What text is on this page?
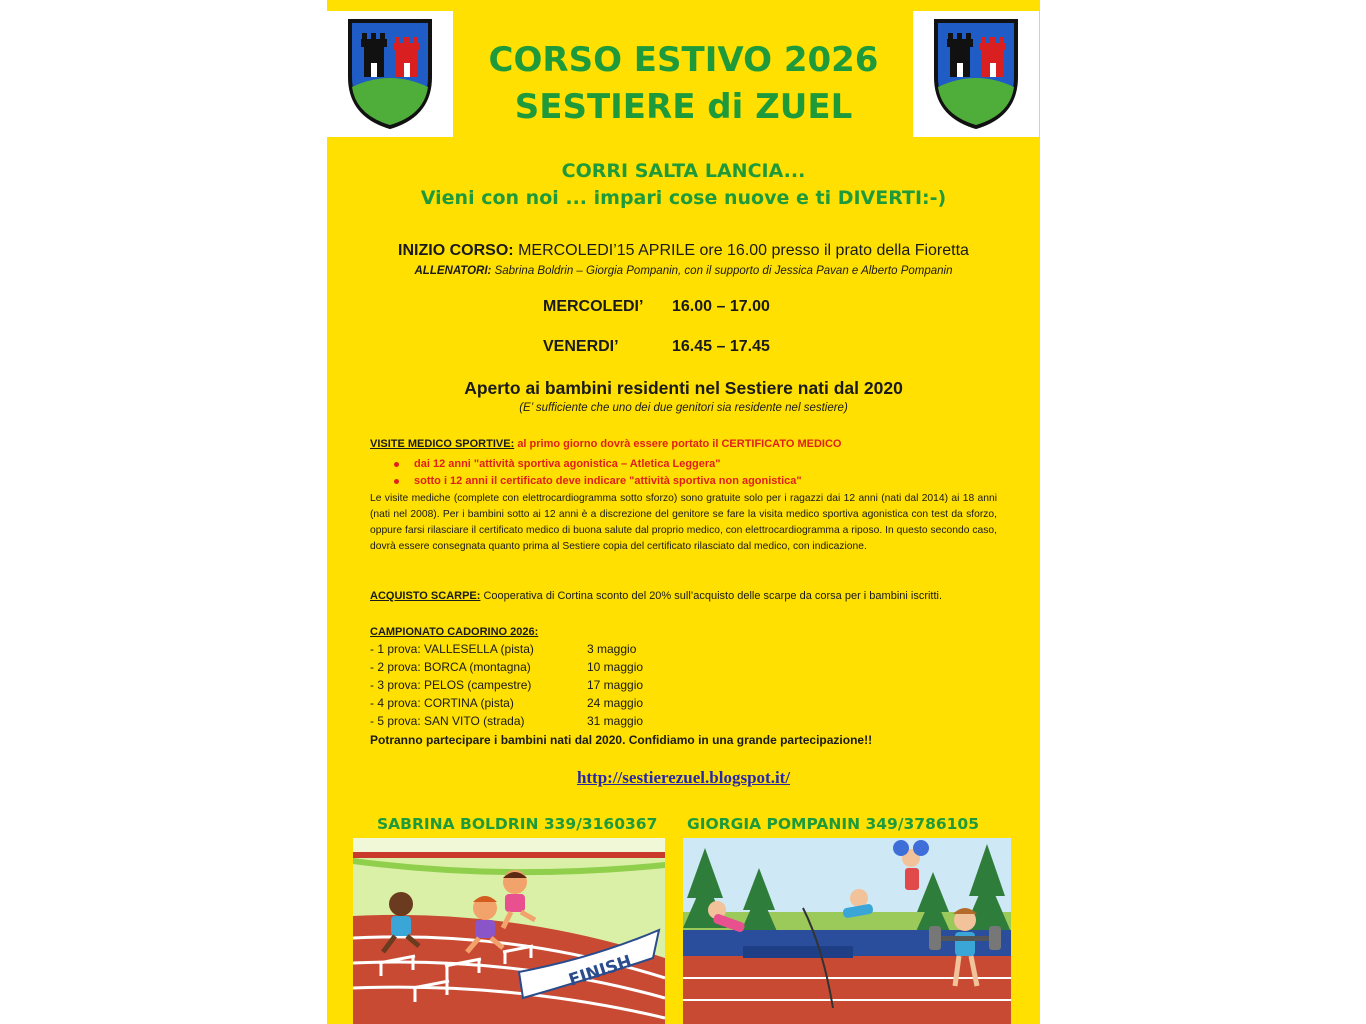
CORSO ESTIVO 2026
SESTIERE di ZUEL
CORRI SALTA LANCIA...
Vieni con noi ... impari cose nuove e ti DIVERTI:-)
INIZIO CORSO: MERCOLEDI’15 APRILE ore 16.00 presso il prato della Fioretta
ALLENATORI: Sabrina Boldrin – Giorgia Pompanin, con il supporto di Jessica Pavan e Alberto Pompanin
MERCOLEDI’ 16.00 – 17.00
VENERDI’	16.45 – 17.45
Aperto ai bambini residenti nel Sestiere nati dal 2020
(E’ sufficiente che uno dei due genitori sia residente nel sestiere)
VISITE MEDICO SPORTIVE: al primo giorno dovrà essere portato il CERTIFICATO MEDICO
dai 12 anni "attività sportiva agonistica – Atletica Leggera"
sotto i 12 anni il certificato deve indicare "attività sportiva non agonistica"
Le visite mediche (complete con elettrocardiogramma sotto sforzo) sono gratuite solo per i ragazzi dai 12 anni (nati dal 2014) ai 18 anni (nati nel 2008). Per i bambini sotto ai 12 anni è a discrezione del genitore se fare la visita medico sportiva agonistica con test da sforzo, oppure farsi rilasciare il certificato medico di buona salute dal proprio medico, con elettrocardiogramma a riposo. In questo secondo caso, dovrà essere consegnata quanto prima al Sestiere copia del certificato rilasciato dal medico, con indicazione.
ACQUISTO SCARPE: Cooperativa di Cortina sconto del 20% sull’acquisto delle scarpe da corsa per i bambini iscritti.
CAMPIONATO CADORINO 2026:
- 1 prova: VALLESELLA (pista)	3 maggio
- 2 prova: BORCA (montagna)	10 maggio
- 3 prova: PELOS (campestre)	17 maggio
- 4 prova: CORTINA (pista)	24 maggio
- 5 prova: SAN VITO (strada)	31 maggio
Potranno partecipare i bambini nati dal 2020. Confidiamo in una grande partecipazione!!
http://sestierezuel.blogspot.it/
SABRINA BOLDRIN 339/3160367 GIORGIA POMPANIN 349/3786105
FINISH
